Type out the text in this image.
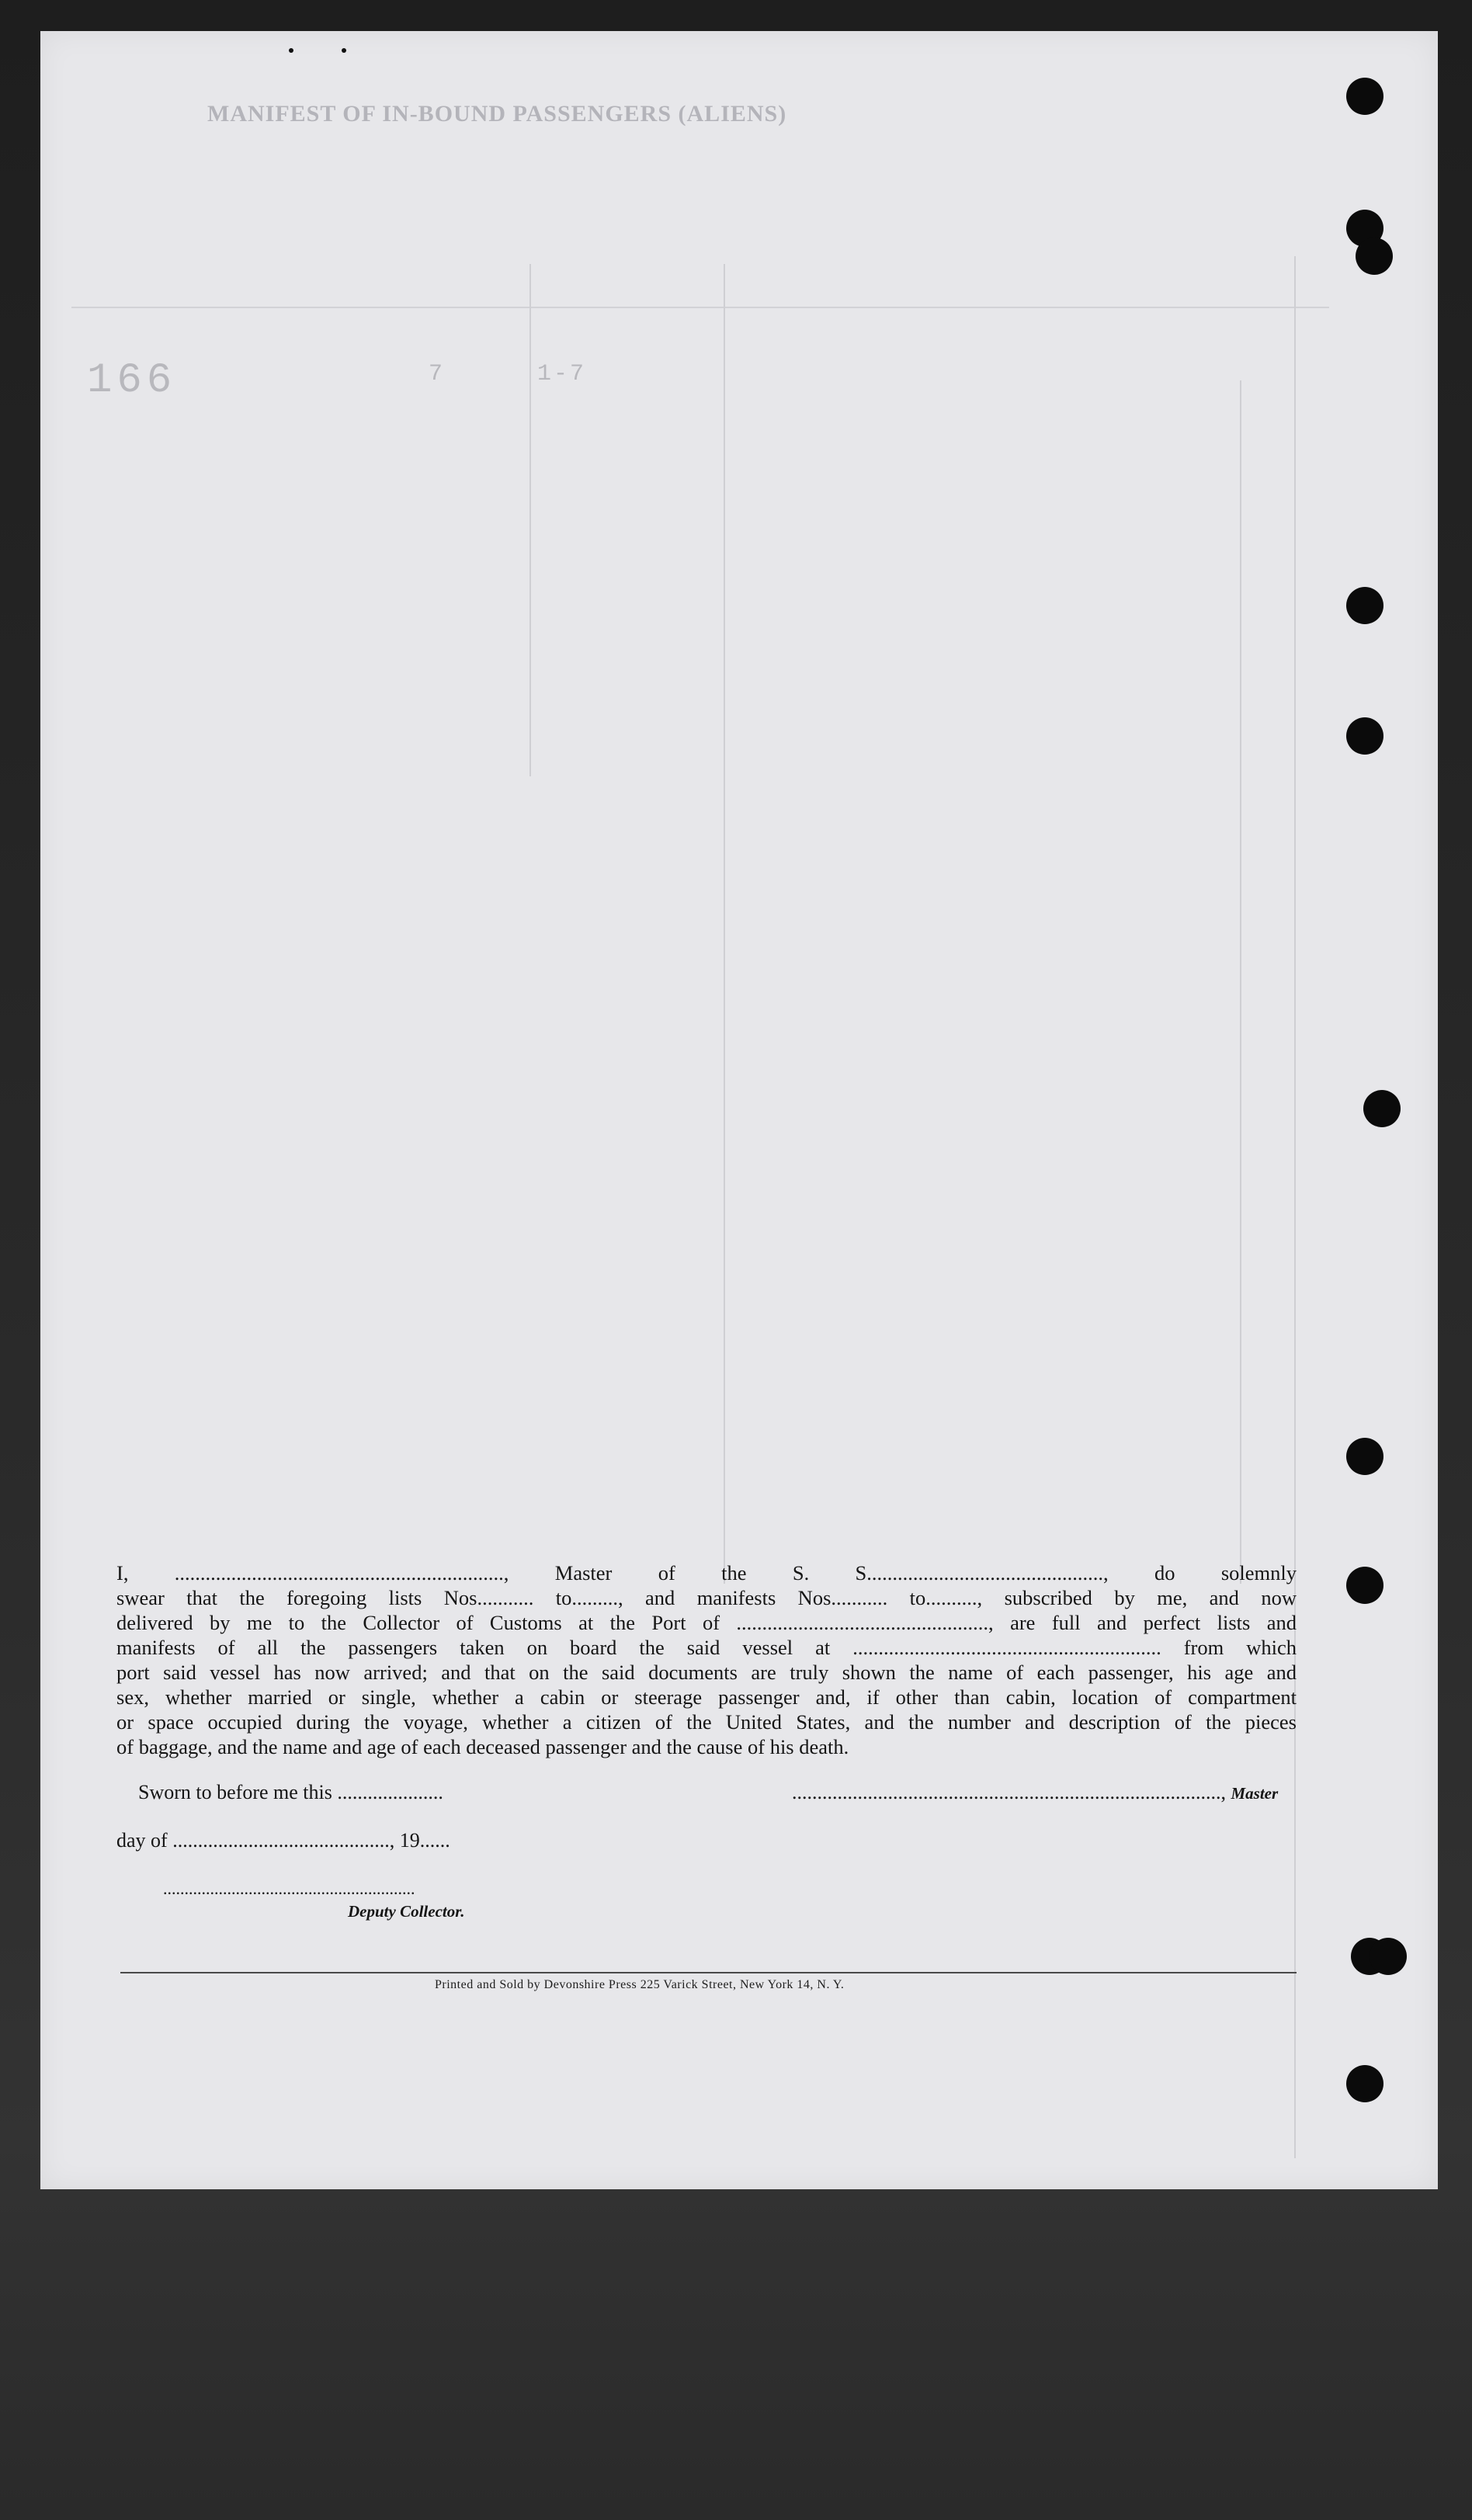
MANIFEST OF IN-BOUND PASSENGERS (ALIENS)
166	1-7
7

I, ................................................................, Master of the S. S.............................................., do solemnly

swear that the foregoing lists Nos........... to........., and manifests Nos........... to.........., subscribed by me, and now

delivered by me to the Collector of Customs at the Port of ................................................., are full and perfect lists and

manifests of all the passengers taken on board the said vessel at ............................................................ from which

port said vessel has now arrived; and that on the said documents are truly shown the name of each passenger, his age and

sex, whether married or single, whether a cabin or steerage passenger and, if other than cabin, location of compartment

or space occupied during the voyage, whether a citizen of the United States, and the number and description of the pieces

of baggage, and the name and age of each deceased passenger and the cause of his death.

Sworn to before me this .....................	....................................................................................., Master
day of ..........................................., 19......
...........................................................
Deputy Collector.
Printed and Sold by Devonshire Press 225 Varick Street, New York 14, N. Y.
